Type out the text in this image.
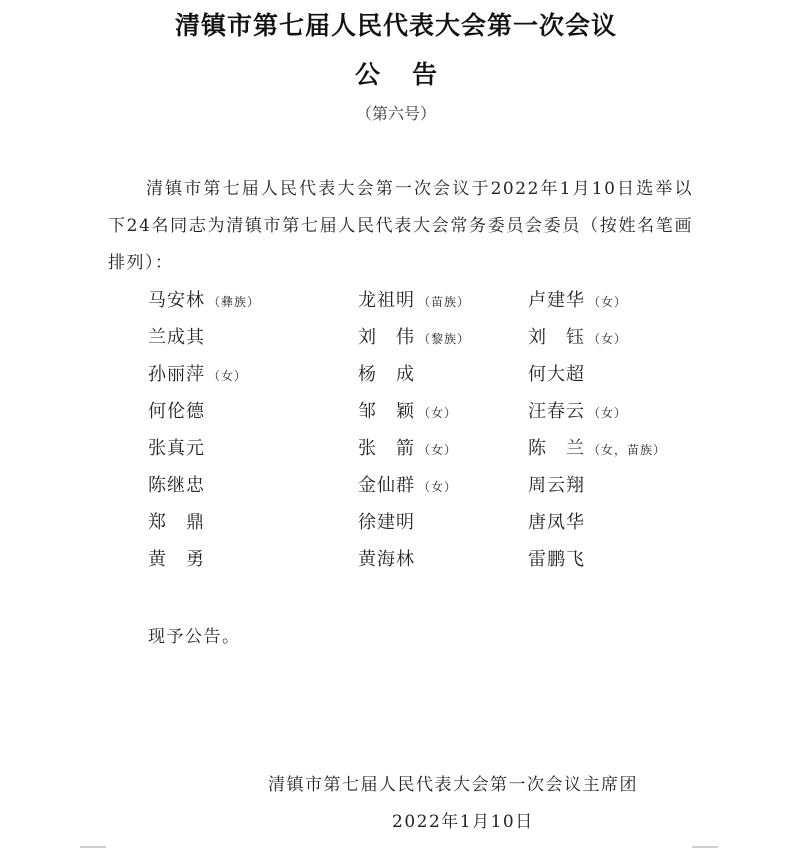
清镇市第七届人民代表大会第一次会议
公告
（第六号）
清镇市第七届人民代表大会第一次会议于2022年1月10日选举以下24名同志为清镇市第七届人民代表大会常务委员会委员（按姓名笔画排列）：
马安林 （彝族）	龙祖明 （苗族）	卢建华 （女）
兰成其	刘　伟 （黎族）	刘　钰 （女）
孙丽萍 （女）	杨　成	何大超
何伦德	邹　颖 （女）	汪春云 （女）
张真元	张　箭 （女）	陈　兰 （女，苗族）
陈继忠	金仙群 （女）	周云翔
郑　鼎	徐建明	唐凤华
黄　勇	黄海林	雷鹏飞
现予公告。
清镇市第七届人民代表大会第一次会议主席团
2022年1月10日
